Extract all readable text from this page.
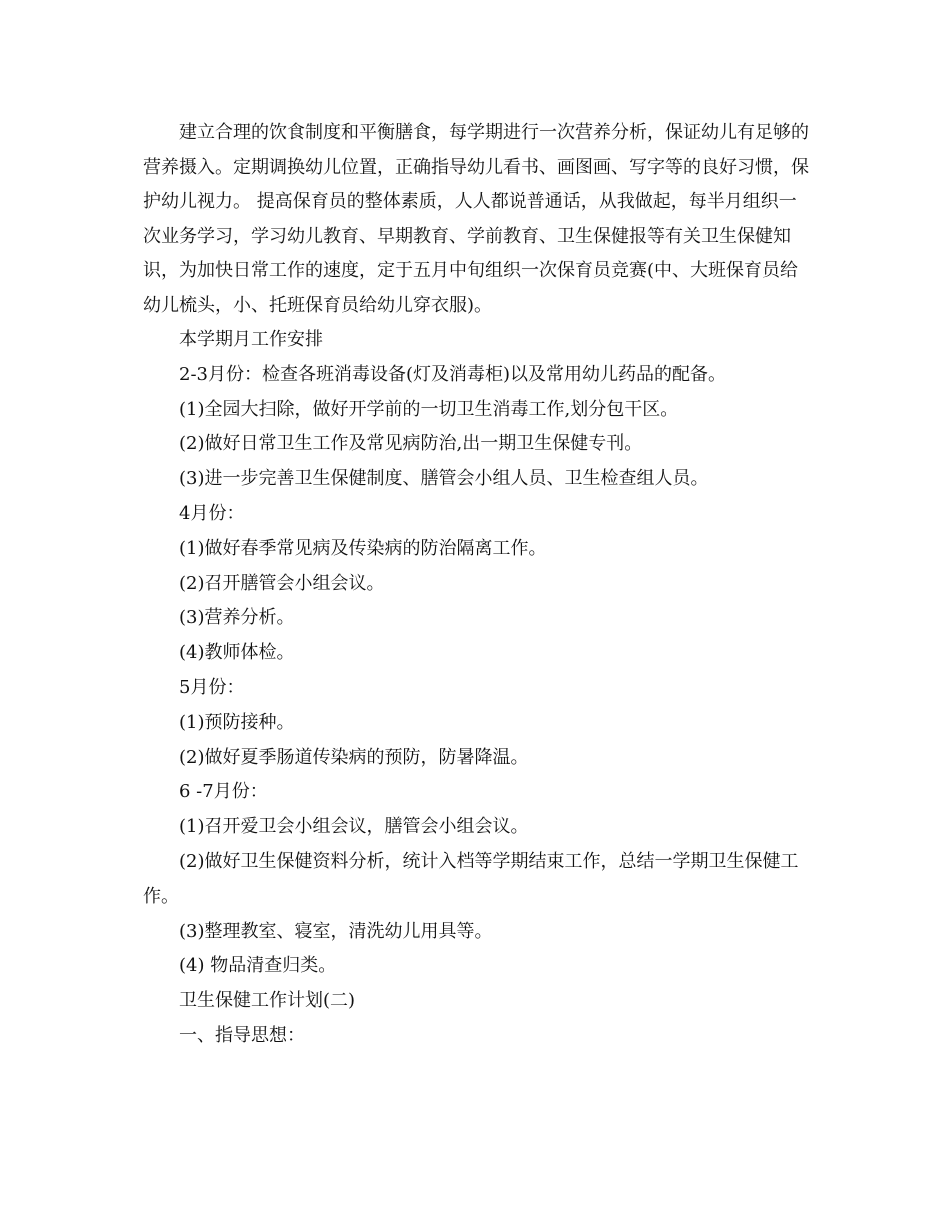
建立合理的饮食制度和平衡膳食，每学期进行一次营养分析，保证幼儿有足够的营养摄入。定期调换幼儿位置，正确指导幼儿看书、画图画、写字等的良好习惯，保护幼儿视力。 提高保育员的整体素质，人人都说普通话，从我做起，每半月组织一次业务学习，学习幼儿教育、早期教育、学前教育、卫生保健报等有关卫生保健知识，为加快日常工作的速度，定于五月中旬组织一次保育员竞赛(中、大班保育员给幼儿梳头，小、托班保育员给幼儿穿衣服)。

本学期月工作安排

2-3月份：检查各班消毒设备(灯及消毒柜)以及常用幼儿药品的配备。

(1)全园大扫除，做好开学前的一切卫生消毒工作,划分包干区。

(2)做好日常卫生工作及常见病防治,出一期卫生保健专刊。

(3)进一步完善卫生保健制度、膳管会小组人员、卫生检查组人员。

4月份：

(1)做好春季常见病及传染病的防治隔离工作。

(2)召开膳管会小组会议。

(3)营养分析。

(4)教师体检。

5月份：

(1)预防接种。

(2)做好夏季肠道传染病的预防，防暑降温。

6 -7月份：

(1)召开爱卫会小组会议，膳管会小组会议。

(2)做好卫生保健资料分析，统计入档等学期结束工作，总结一学期卫生保健工作。

(3)整理教室、寝室，清洗幼儿用具等。

(4) 物品清查归类。

卫生保健工作计划(二)

一、指导思想：
